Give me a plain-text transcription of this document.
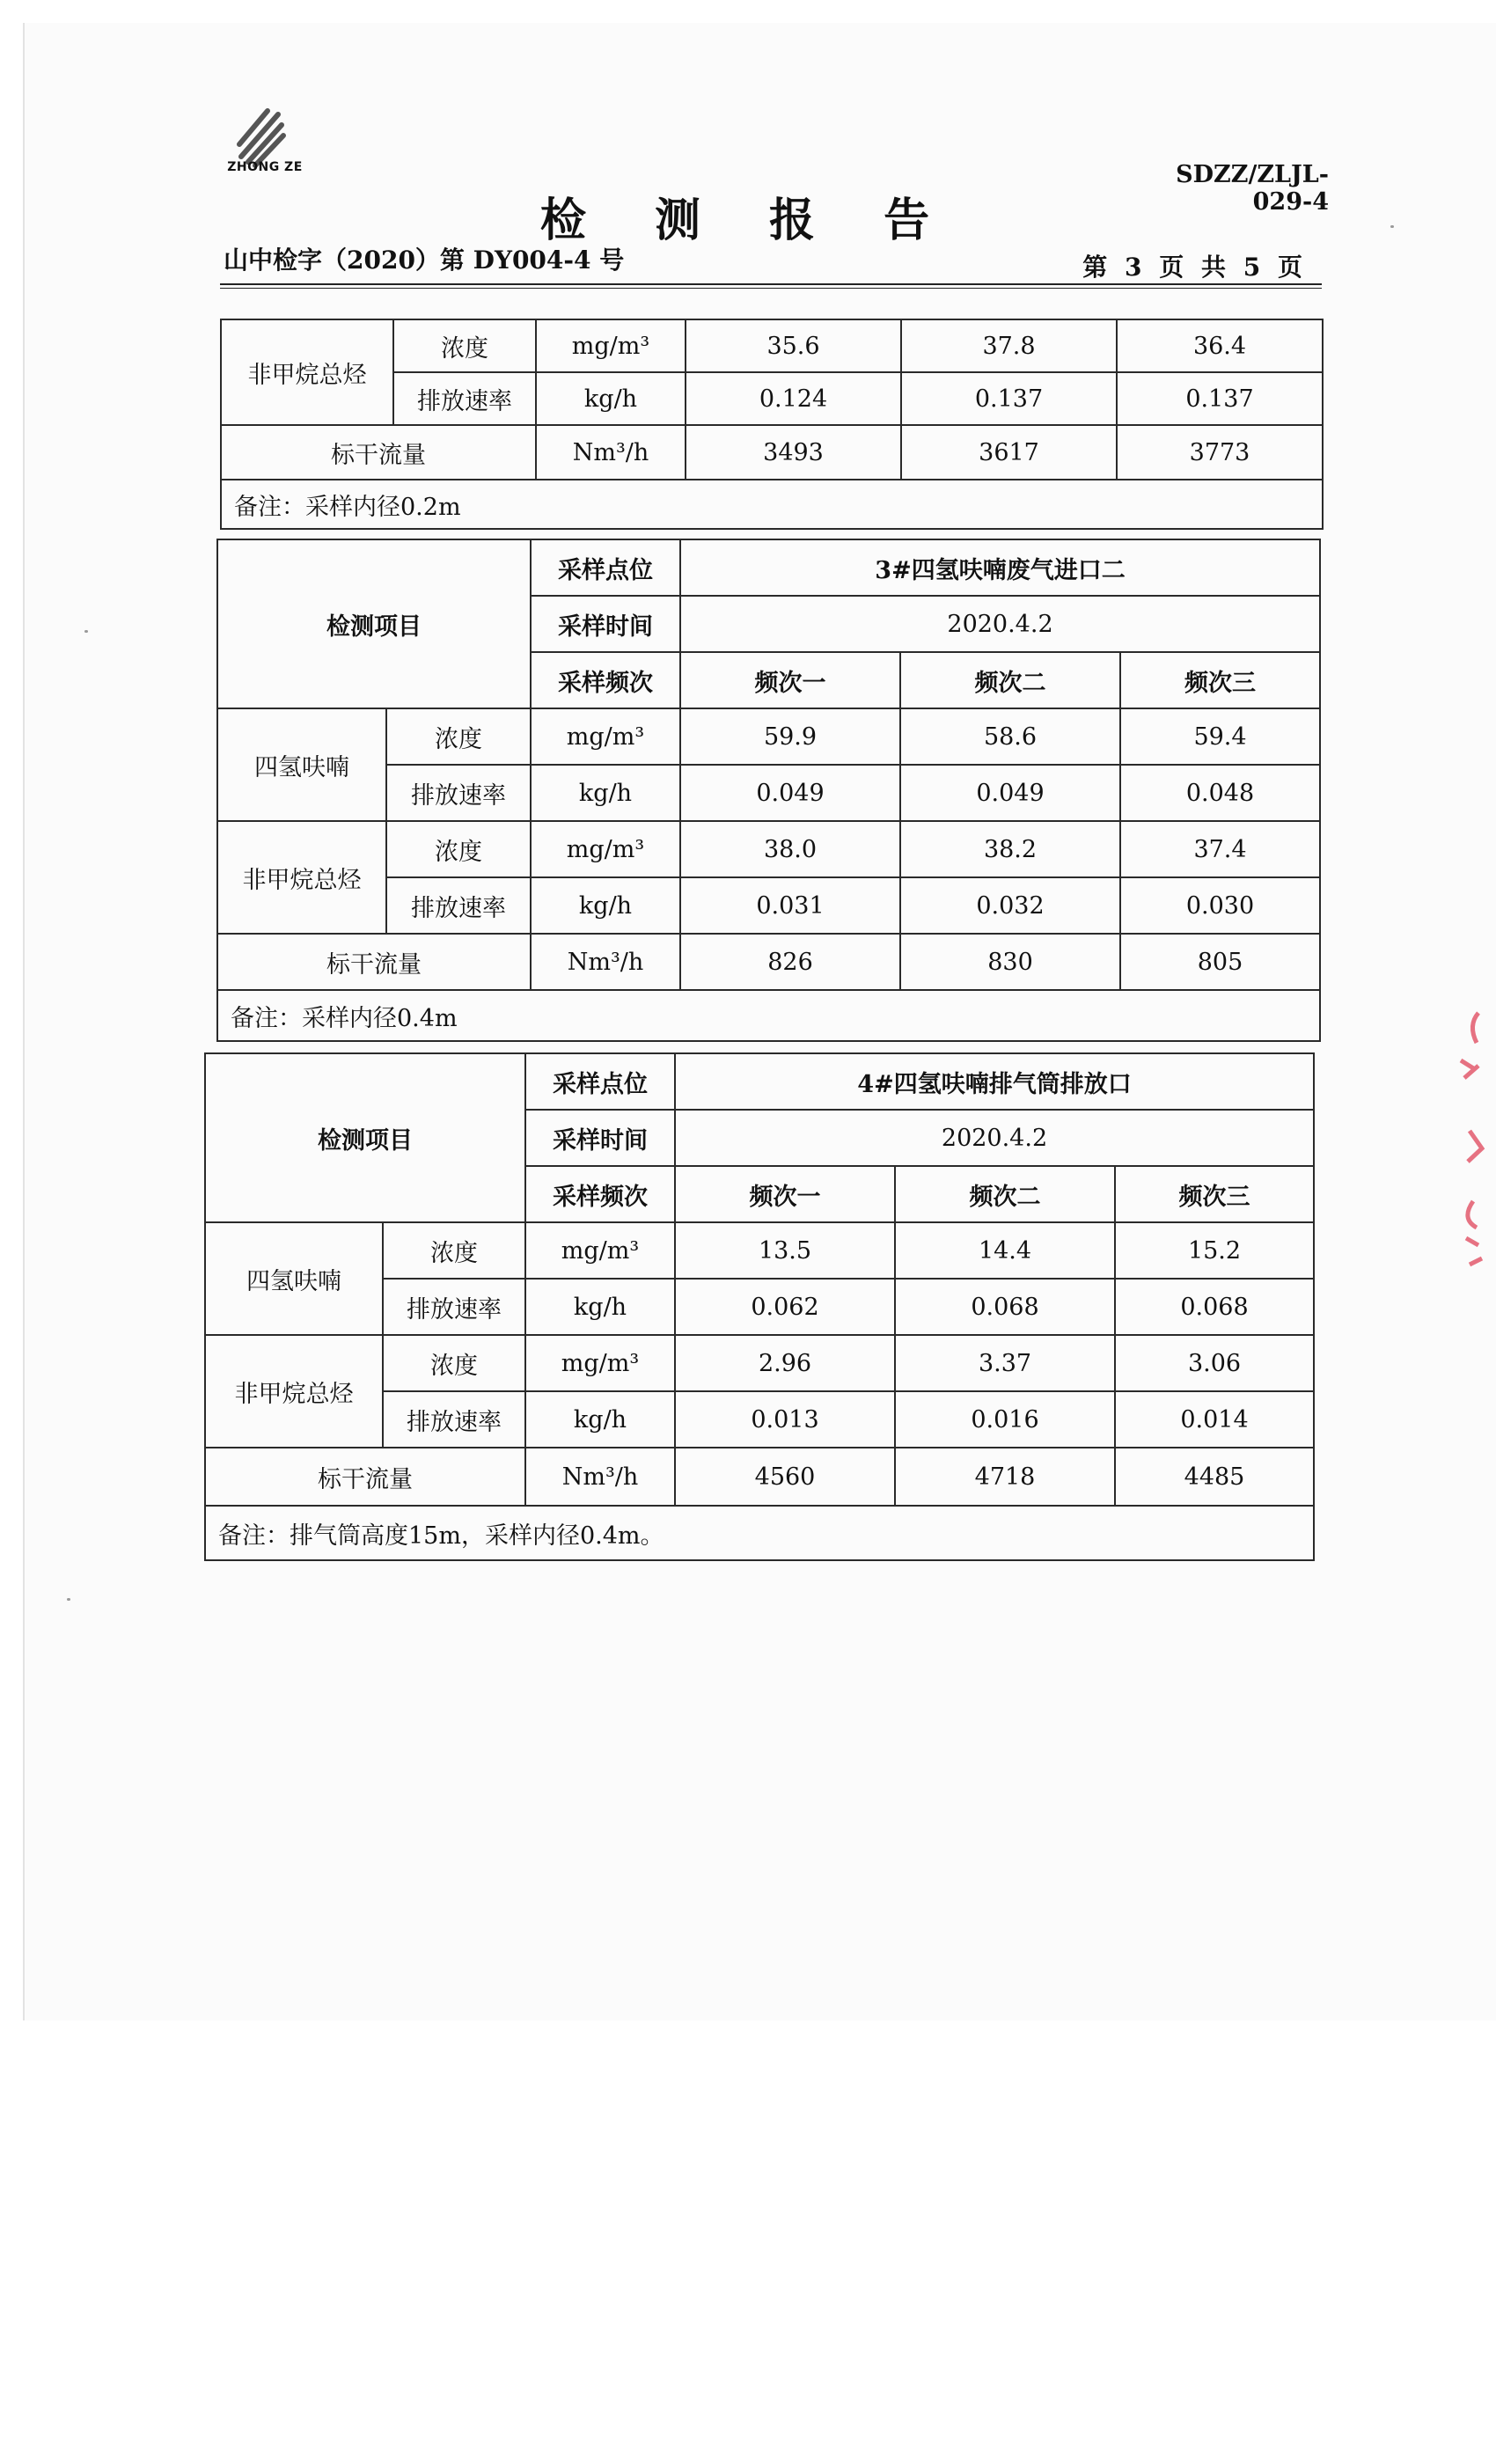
ZHONG ZE	SDZZ/ZLJL-029-4
检 测 报 告
山中检字（2020）第 DY004-4 号	第 3 页 共 5 页
非甲烷总烃	浓度	mg/m³	35.6	37.8	36.4
	排放速率	kg/h	0.124	0.137	0.137
标干流量		Nm³/h	3493	3617	3773
备注：采样内径0.2m					
检测项目		采样点位	3#四氢呋喃废气进口二		
		采样时间	2020.4.2		
		采样频次	频次一	频次二	频次三
四氢呋喃	浓度	mg/m³	59.9	58.6	59.4
	排放速率	kg/h	0.049	0.049	0.048
非甲烷总烃	浓度	mg/m³	38.0	38.2	37.4
	排放速率	kg/h	0.031	0.032	0.030
标干流量		Nm³/h	826	830	805
备注：采样内径0.4m					
检测项目		采样点位	4#四氢呋喃排气筒排放口		
		采样时间	2020.4.2		
		采样频次	频次一	频次二	频次三
四氢呋喃	浓度	mg/m³	13.5	14.4	15.2
	排放速率	kg/h	0.062	0.068	0.068
非甲烷总烃	浓度	mg/m³	2.96	3.37	3.06
	排放速率	kg/h	0.013	0.016	0.014
标干流量		Nm³/h	4560	4718	4485
备注：排气筒高度15m，采样内径0.4m。					
